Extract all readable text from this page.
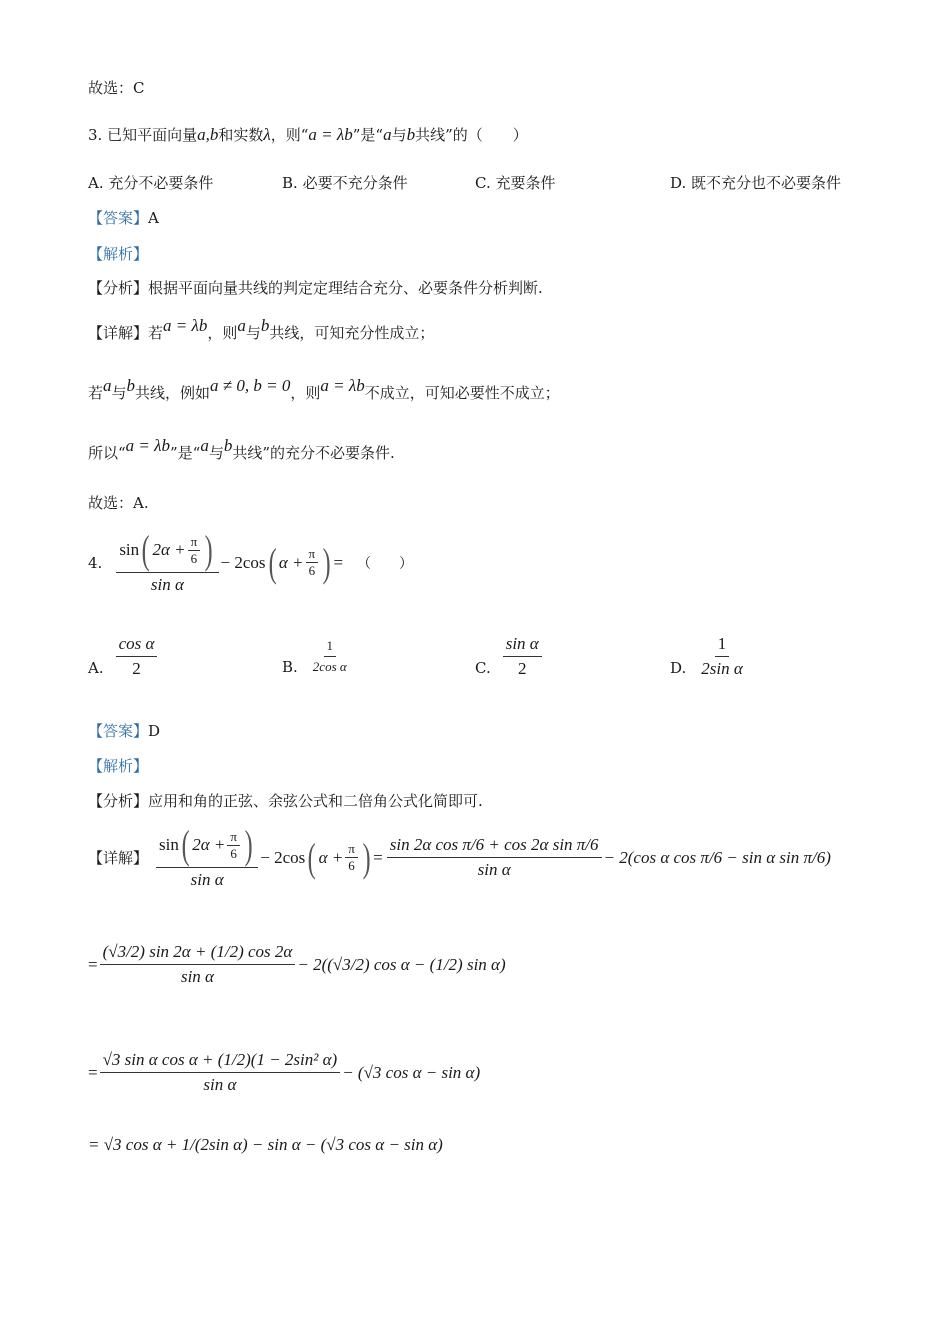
故选：C
3. 已知平面向量a,b和实数λ，则“a = λb”是“a与b共线”的（　　）
A. 充分不必要条件	B. 必要不充分条件	C. 充要条件	D. 既不充分也不必要条件
【答案】A
【解析】
【分析】根据平面向量共线的判定定理结合充分、必要条件分析判断.
【详解】若a = λb，则a与b共线，可知充分性成立；
若a与b共线，例如a ≠ 0, b = 0，则a = λb不成立，可知必要性不成立；
所以“a = λb”是“a与b共线”的充分不必要条件.
故选：A.
4. $\frac{\sin ( 2\alpha + \frac{\pi}{6} )}{\text{sin α}} - 2\cos$ ( $\alpha + \frac{\pi}{6}$ ) = （　　）
A. $\frac{\text{cos α}}{2}$	B. $\frac{1}{\text{2cos α}}$	C. $\frac{\text{sin α}}{2}$	D. $\frac{1}{\text{2sin α}}$
【答案】D
【解析】
【分析】应用和角的正弦、余弦公式和二倍角公式化简即可.
【详解】 $\frac{\sin ( 2\alpha + \frac{\pi}{6} )}{\text{sin α}} - 2\cos$ ( $\alpha + \frac{\pi}{6}$ ) = $\frac{\text{sin 2α cos π/6 + cos 2α sin π/6}}{\text{sin α}} - 2(\cos$ α cos π/6 − sin α sin π/6)
= $\frac{(√3/2) \sin 2\alpha + (1/2) \cos 2\alpha}{\text{sin α}} - 2((√3/2)$ cos α − (1/2) sin α)
= $\frac{\text{√3 sin α cos α + (1/2)(1 − 2sin² α)}}{\text{sin α}} - (√3$ cos α − sin α)
= √3 cos α + 1/(2sin α) − sin α − (√3 cos α − sin α)
